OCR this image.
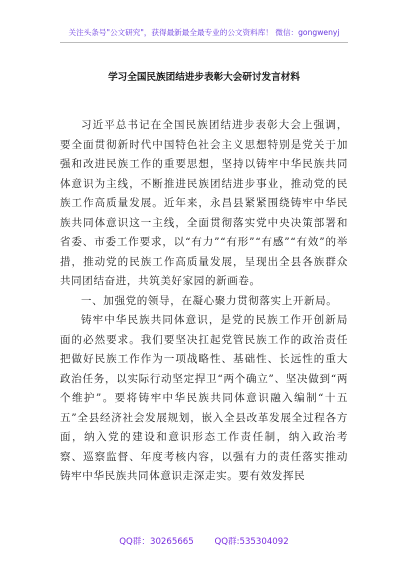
关注头条号"公文研究"，获得最新最全最专业的公文资料库！ 微信：gongwenyj
学习全国民族团结进步表彰大会研讨发言材料

习近平总书记在全国民族团结进步表彰大会上强调，要全面贯彻新时代中国特色社会主义思想特别是党关于加强和改进民族工作的重要思想，坚持以铸牢中华民族共同体意识为主线，不断推进民族团结进步事业，推动党的民族工作高质量发展。近年来，永昌县紧紧围绕铸牢中华民族共同体意识这一主线，全面贯彻落实党中央决策部署和省委、市委工作要求，以“有力”“有形”“有感”“有效”的举措，推动党的民族工作高质量发展，呈现出全县各族群众共同团结奋进，共筑美好家园的新画卷。

一、加强党的领导，在凝心聚力贯彻落实上开新局。

铸牢中华民族共同体意识，是党的民族工作开创新局面的必然要求。我们要坚决扛起党管民族工作的政治责任把做好民族工作作为一项战略性、基础性、长远性的重大政治任务，以实际行动坚定捍卫“两个确立”、坚决做到“两个维护”。要将铸牢中华民族共同体意识融入编制“十五五”全县经济社会发展规划，嵌入全县改革发展全过程各方面，纳入党的建设和意识形态工作责任制，纳入政治考察、巡察监督、年度考核内容，以强有力的责任落实推动铸牢中华民族共同体意识走深走实。要有效发挥民

QQ群：30265665 QQ群:535304092
